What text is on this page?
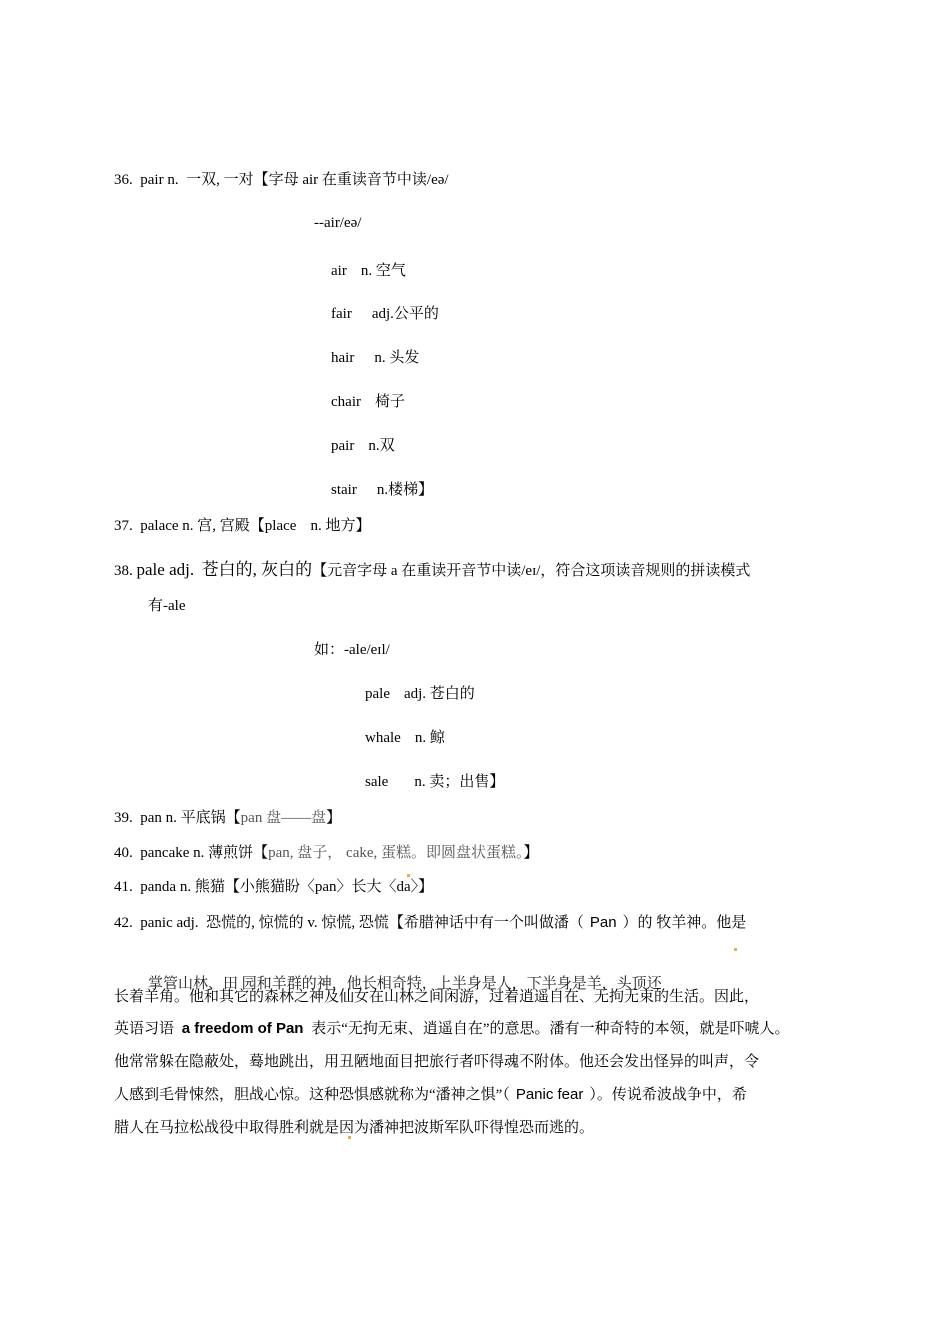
36. pair n. 一双, 一对【字母 air 在重读音节中读/eə/
--air/eə/
air n. 空气
fair adj.公平的
hair n. 头发
chair 椅子
pair n.双
stair n.楼梯】
37. palace n. 宫, 宫殿【place n. 地方】
38. pale adj. 苍白的, 灰白的【元音字母 a 在重读开音节中读/eɪ/，符合这项读音规则的拼读模式
有-ale
如：-ale/eɪl/
pale adj. 苍白的
whale n. 鲸
sale n. 卖；出售】
39. pan n. 平底锅【pan 盘——盘】
40. pancake n. 薄煎饼【pan, 盘子， cake, 蛋糕。即圆盘状蛋糕。】
41. panda n. 熊猫【小熊猫盼〈pan〉长大〈da〉】
42. panic adj. 恐慌的, 惊慌的 v. 惊慌, 恐慌【希腊神话中有一个叫做潘（ Pan ）的 牧羊神。他是
掌管山林、田 园和羊群的神，他长相奇特，上半身是人，下半身是羊，头顶还
长着羊角。他和其它的森林之神及仙女在山林之间闲游，过着逍遥自在、无拘无束的生活。因此，
英语习语 a freedom of Pan 表示“无拘无束、逍遥自在”的意思。潘有一种奇特的本领，就是吓唬人。
他常常躲在隐蔽处，蓦地跳出，用丑陋地面目把旅行者吓得魂不附体。他还会发出怪异的叫声，令
人感到毛骨悚然，胆战心惊。这种恐惧感就称为“潘神之惧”（ Panic fear ）。传说希波战争中，希
腊人在马拉松战役中取得胜利就是因为潘神把波斯军队吓得惶恐而逃的。
